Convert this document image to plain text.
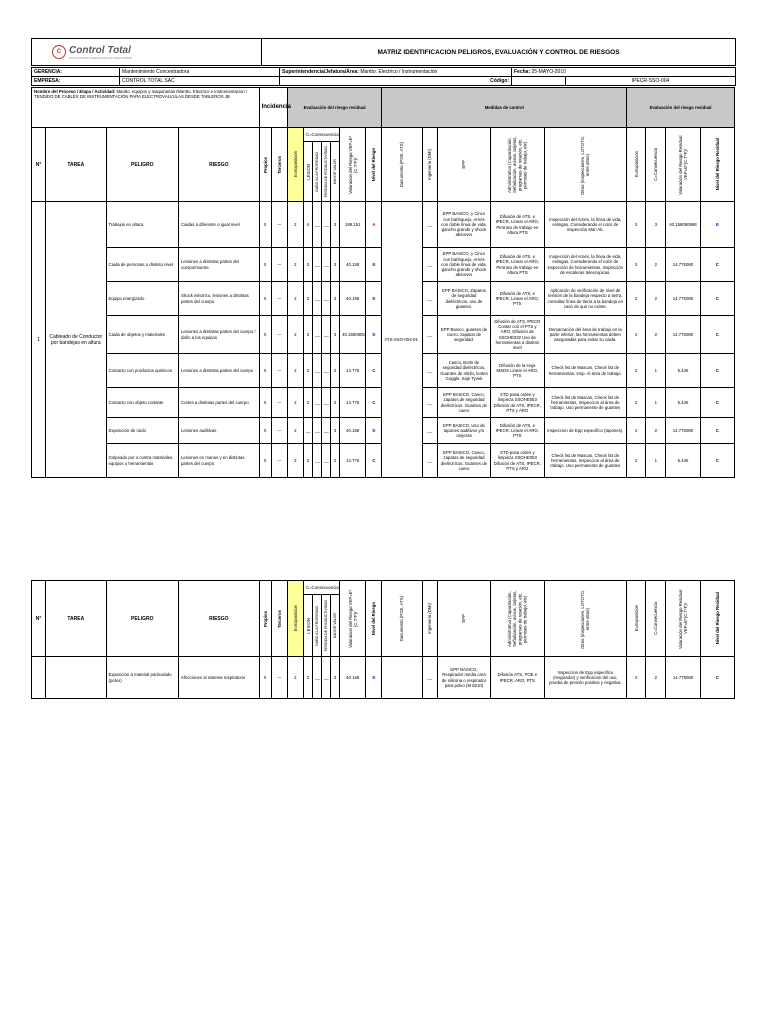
C Control Total
SOLUCIONES INTEGRALES EN SEGURIDAD
	MATRIZ IDENTIFICACION PELIGROS, EVALUACIÓN Y CONTROL DE RIESGOS
GERENCIA:	Mantenimiento Concentradora	Superintendencia/Jefatura/Área: Mantto. Electrico / Instrumentación	Fecha: 25-MAYO-2010	
EMPRESA:	CONTROL TOTAL SAC	Código:		IPECR-SSO-004
Nombre del Proceso / Etapa / Actividad: Mantto. equipos y maquinarias /Mantto. Electrico e Instrumentacion / TENDIDO DE CABLES DE INSTRUMENTACIÓN PARA ELECTROVALVULAS DESDE TABLEROS JB				Incidencia		Evaluación del riesgo residual							Medidas de control					Evaluación del riesgo residual			
N°	TAREA	PELIGRO	RIESGO	Propios	Terceros	E=Exposicion	C=Consecuencia				Valoracion del Riesgo VEP=E*(C.T*F)/	Nivel del Riesgo	Documento (POE, ATS)	Ingenieria (DMI)	EPP	Administrativo (Capacitación, Señalización, avisos, tarjetas, programas de rotación, etc, permisos de trabajo, etc)	Otros (inspecciones, LOTOTO, entre otros)	E=Exposicion	C=Consecuencia	Valoración del Riesgo Residual VEP=E*(C.T*F)/	Nivel del Riesgo Residual

							LESION	DAÑO A LA PROPIEDAD	PERDIDA DE PRODUCTIVIDAD	MAYOR VALOR											

1	Cableado de Conductor por bandejas en altura	Trabajos en altura.	Caidas a diferente o igual nivel	X	---	2	4	__	__	3	189.151	A	ATS-SSO-004-01	__	EPP BASICO, y Cinco con barbiquejo, Arnés con doble línea de vida, gancho grande y shock absorver	Difusión de ATS, e IPECR, Linear el ARO, Permiso de trabajo en Altura PTS	Inspección del Arnés, la línea de vida, eslingas. Considerando el color de inspección Mar-Ab.	2	3	40.158080868	B
		Caida de personas o distinto nivel	Lesiones a distintas partes del cuerpo/muerte	X	---	2	3	__	__	3	40.158	B		__	EPP BASICO, y Cinco con barbiquejo, Arnés con doble línea de vida, gancho grande y shock absorver	Difusión de ATS, e IPECR, Linear el ARO, Permiso de trabajo en Altura PTS	Inspección del Arnés, la línea de vida, eslingas. Considerando el color de inspección de herramientas, Inspección de escaleras telescopicas.	2	2	14.775080	C
		Equipo energizado	Shock eléctrico, lesiones a distintas partes del cuerpo	X	---	2	3	__	__	3	40.158	B		__	EPP BASICO, Zapatos de seguridad dieléctricos, uso de guantes.	Difusión de ATS, e IPECR, Linear el ARO, PTS	Aplicación de verificación de nivel de tensión de la bandeja respecto a tierra, consultar línea de tierra a la bandeja en caso de que no existe.	2	2	14.775080	C
		Caida de objetos y materiales	Lesiones a distintas partes del cuerpo / daño a los equipos	X	---	2	3	__	__	3	40.1580805	B		__	EPP Basico, guantes de cuero, zapatos de seguridad.	Difusión de ATS, IPECR Contar con el PTS y ARO, Difusión de SSOHE032 Uso de herramientas a distinto nivel	Demarcación del área de trabajo en la parte inferior, las herramientas deben aseguradas para evitar su caida.	2	2	14.775080	C
		Contacto con productos quimicos	Lesiones a distintas partes del cuerpo	X	---	2	2	__	__	2	14.775	C		__	Casco, Botín de seguridad dieléctricos, Guantes de nitrilo, lentes Goggle, traje Tyvek	Difusión de la Hoja MSDS Linear el ARO, PTS	Check list de Mascas, Check list de herramientas, Insp. Al área de trabajo.	2	1	5.436	C
		Contacto con objeto cortante	Cortes a distintas partes del cuerpo	X	---	2	2	__	__	2	14.775	C		__	EPP BASICO, Casco, zapatos de seguridad dieléctricos. Guantes de cuero	STD pasa orden y limpieza SSOHE053 Difusión de ATS, IPECR, PTS y ARO	Check list de Mascas, Check list de herramientas, Inspeccion al área de trabajo. Uso permanente de guantes	2	1	5.436	C
		Exposición de ruido	Lesiones auditivas	X	---	2	__	__	__	3	40.158	B		__	EPP BASICO, Uso de tapones auditivos y/o orejeras	Difusión de ATS, e IPECR, Linear el ARO, PTS	Inspeccion de Epp especifico (tapones).	2	2	14.775080	C
		Golpeado por o contra materiales, equipos o herramientas	Lesiones en manos y en distintas partes del cuerpo	X	---	2	2	__	__	2	14.775	C		__	EPP BASICO, Casco, zapatos de seguridad dieléctricos. Guantes de cuero	STD pasa orden y limpieza SSOHE053 Difusión de ATS, IPECR, PTS y ARO	Check list de Mascas, Check list de herramientas, Inspeccion al área de trabajo. Uso permanente de guantes	2	1	5.436	C
N°	TAREA	PELIGRO	RIESGO	Propios	Terceros	E=Exposicion	C=Consecuencia				Valoracion del Riesgo VEP=E*(C.T*F)/	Nivel del Riesgo	Documento (POE, ATS)	Ingenieria (DMI)	EPP	Administrativo (Capacitación, Señalización, avisos, tarjetas, programas de rotación, etc, permisos de trabajo, etc)	Otros (inspecciones, LOTOTO, entre otros)	E=Exposicion	C=Consecuencia	Valoración del Riesgo Residual VEP=E*(C.T*F)/	Nivel del Riesgo Residual

							LESION	DAÑO A LA PROPIEDAD	PERDIDA DE PRODUCTIVIDAD	MAYOR VALOR											

		Exposición a material particulado (polvo)	Afecciones al sistema respiratorio	X	---	2	2	__	__	3	40.158	B		__	EPP BASICO, Respirador media cara de silicona o respirador para polvo (M 8210)	Difusión ATS, POE e IPECR, ARO, PTS	Inspeccion de Epp especifico (respirador) y verificacion del uso, prueba de presión positiva y negativa.	2	2	14.775080	C
